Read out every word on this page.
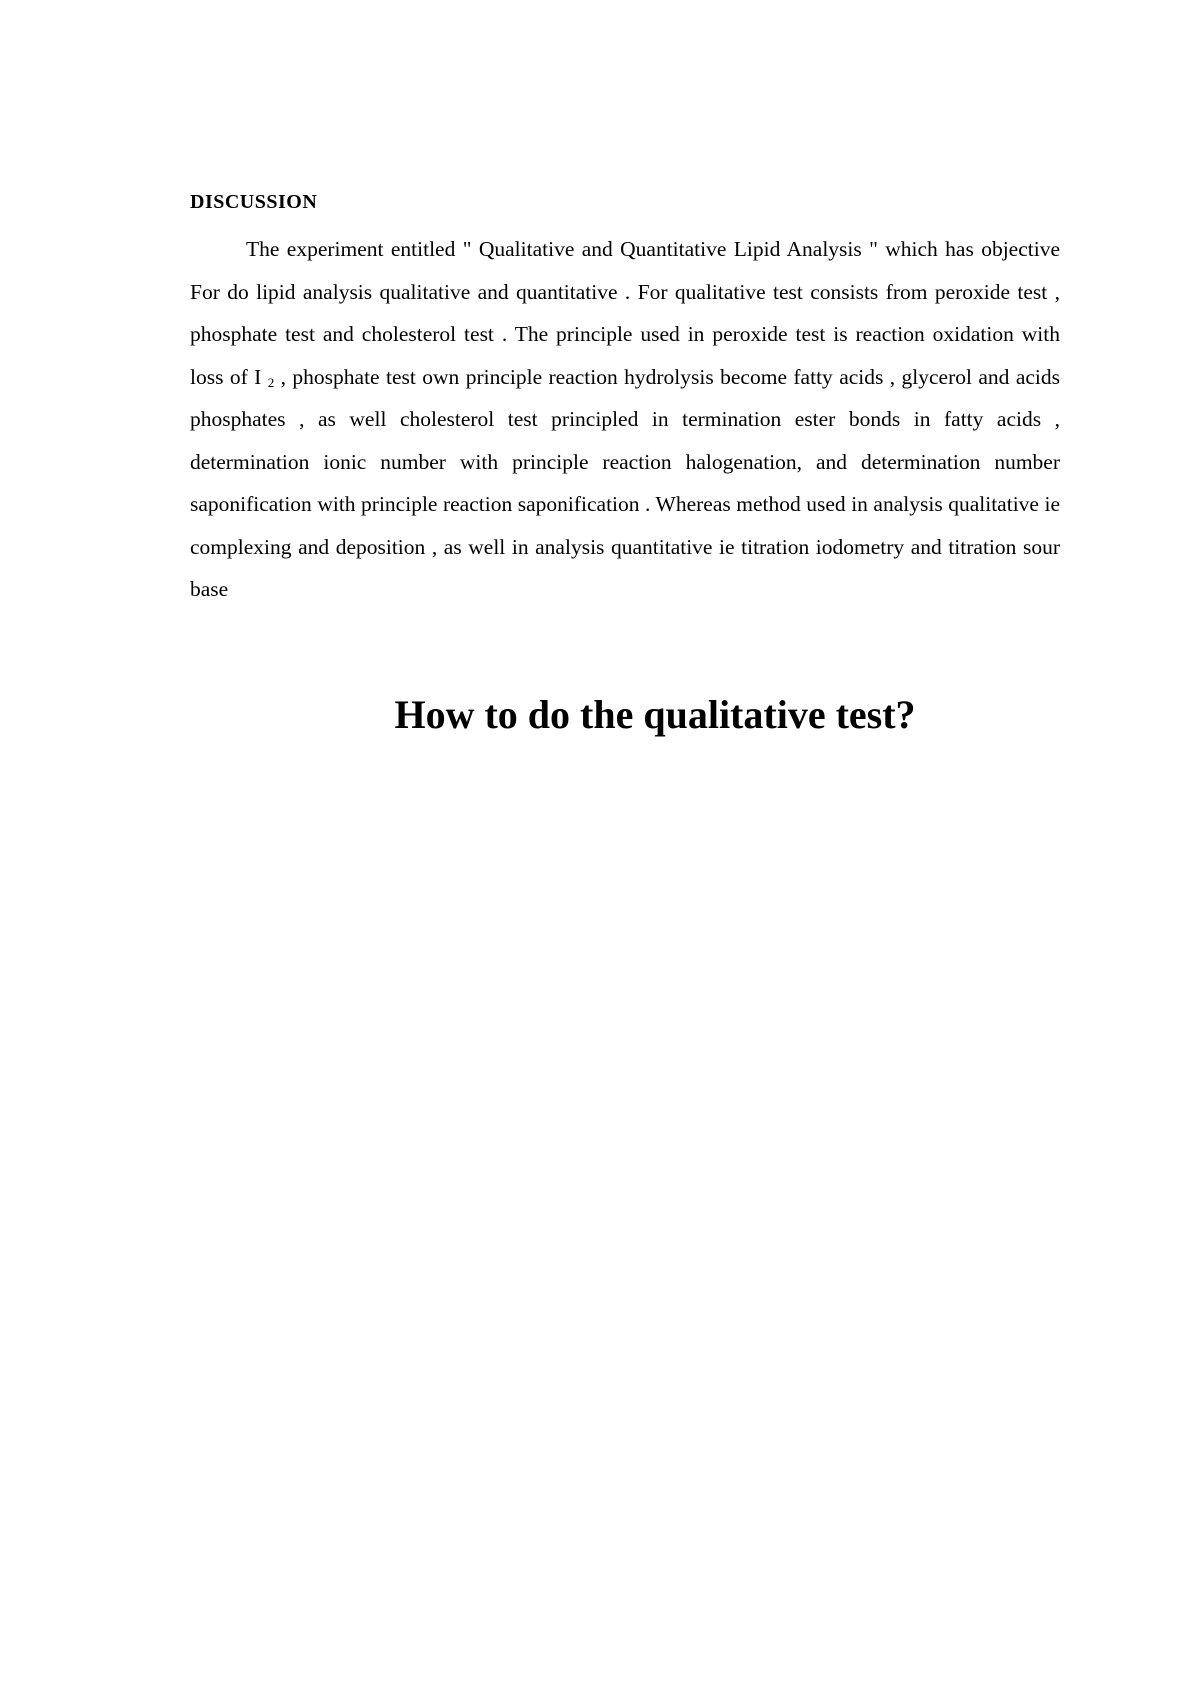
DISCUSSION

The experiment entitled " Qualitative and Quantitative Lipid Analysis " which has objective For do lipid analysis qualitative and quantitative . For qualitative test consists from peroxide test , phosphate test and cholesterol test . The principle used in peroxide test is reaction oxidation with loss of I $_2$ , phosphate test own principle reaction hydrolysis become fatty acids , glycerol and acids phosphates , as well cholesterol test principled in termination ester bonds in fatty acids , determination ionic number with principle reaction halogenation, and determination number saponification with principle reaction saponification . Whereas method used in analysis qualitative ie complexing and deposition , as well in analysis quantitative ie titration iodometry and titration sour base

How to do the qualitative test?
